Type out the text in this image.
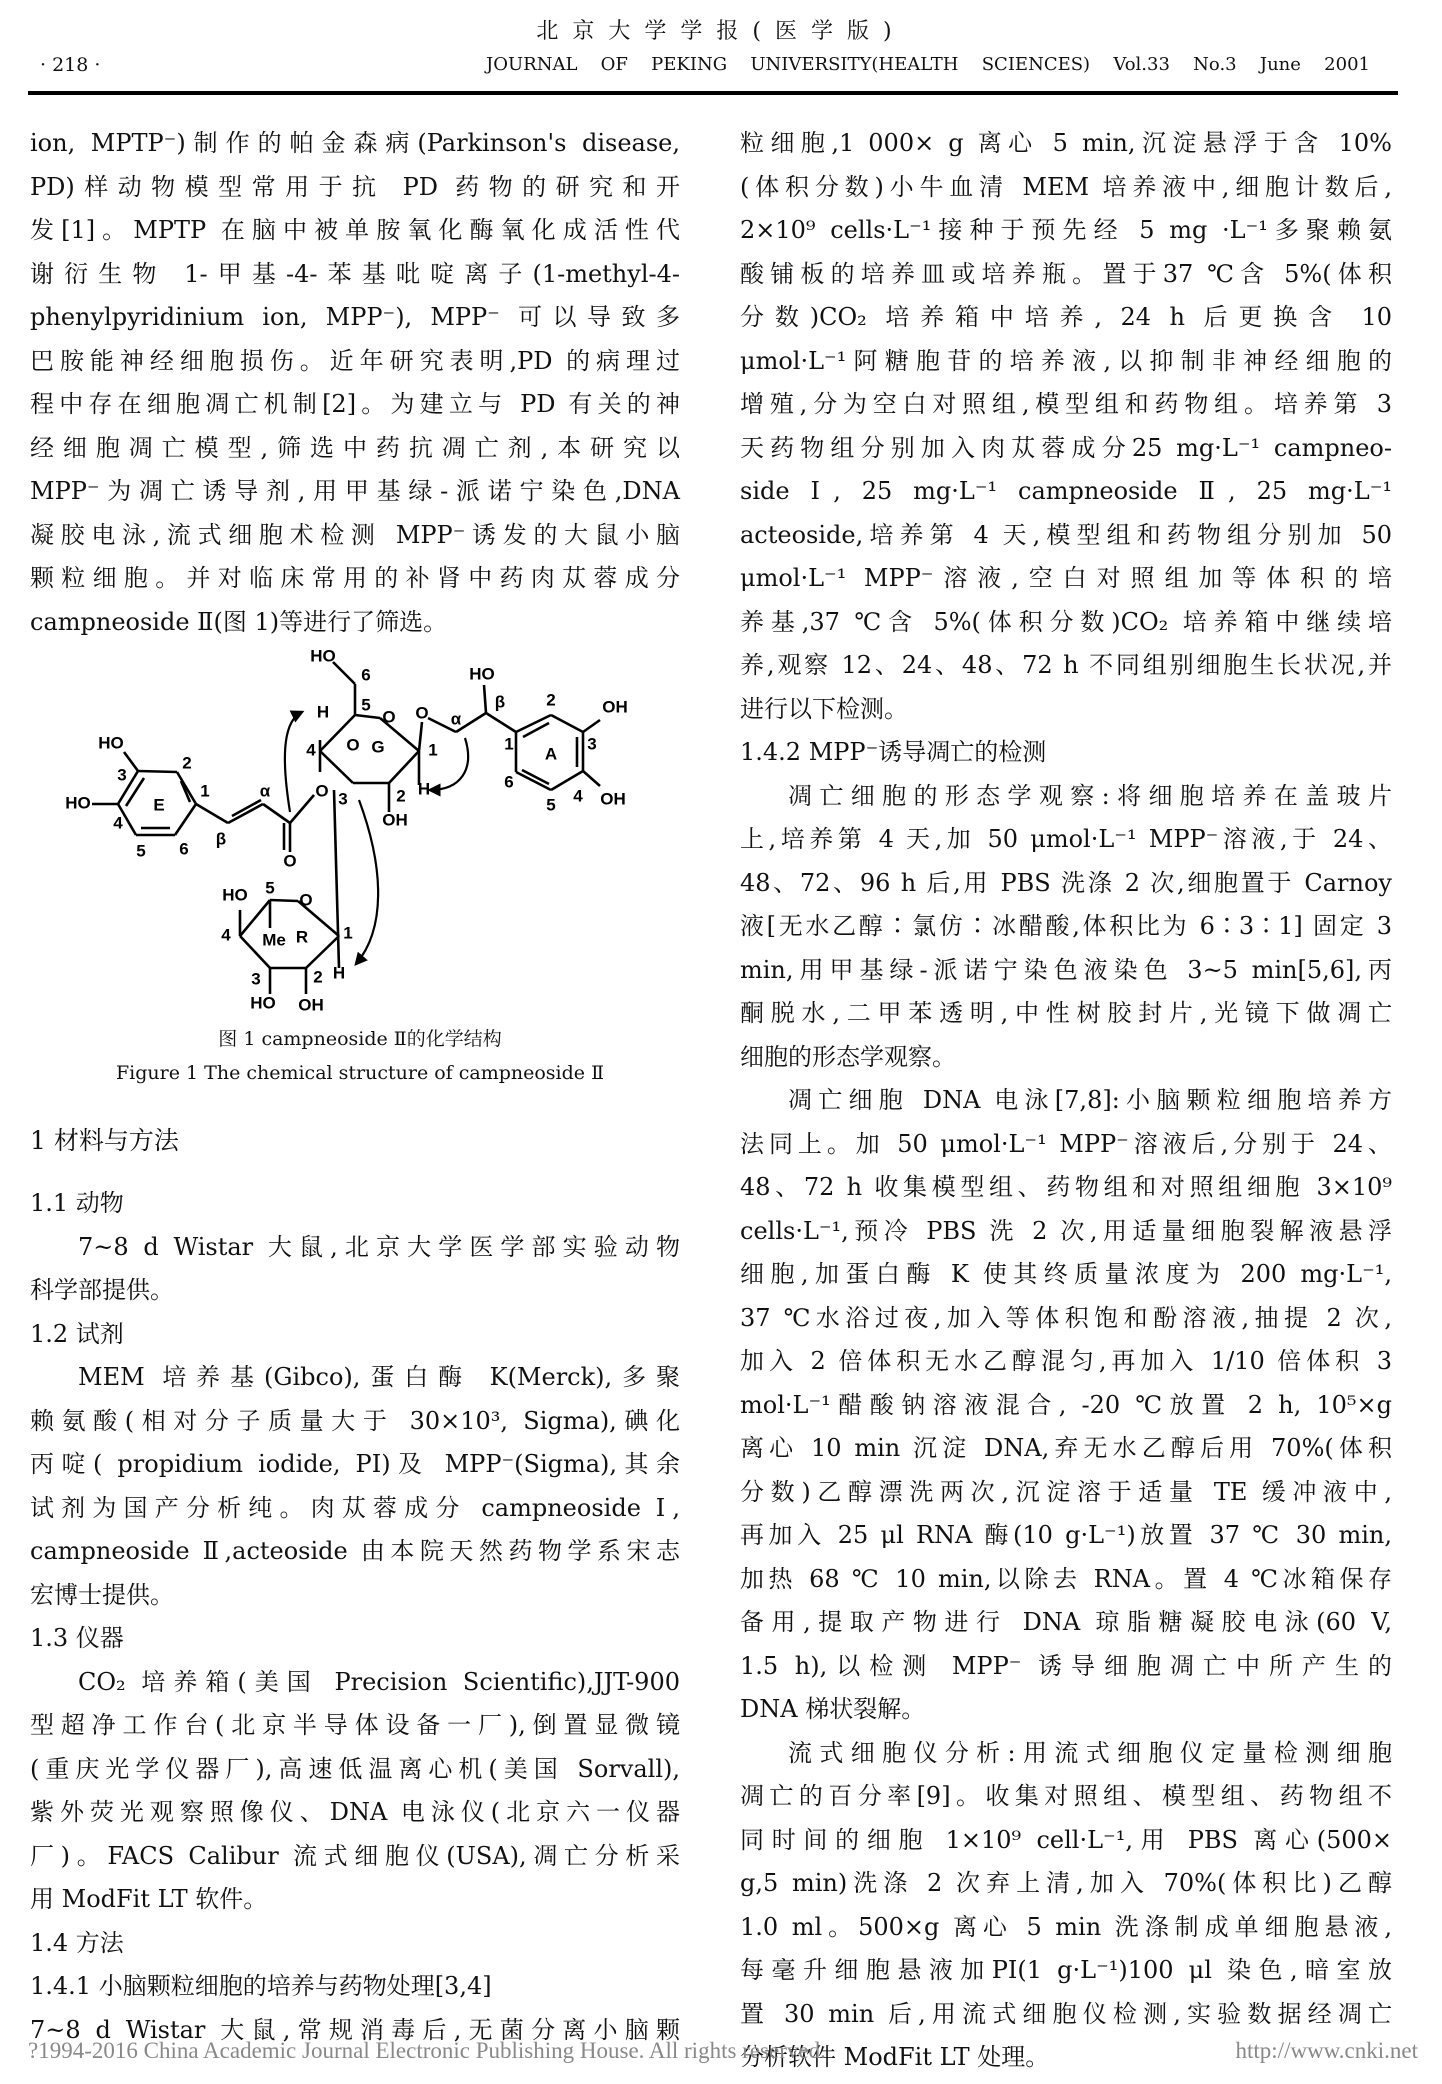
北京大学学报(医学版)
· 218 ·	JOURNAL OF PEKING UNIVERSITY(HEALTH SCIENCES) Vol.33 No.3 June 2001
ion, MPTP⁻)制作的帕金森病(Parkinson's disease,
PD)样动物模型常用于抗 PD 药物的研究和开
发[1]。MPTP 在脑中被单胺氧化酶氧化成活性代
谢衍生物 1-甲基-4-苯基吡啶离子(1-methyl-4-
phenylpyridinium ion, MPP⁻), MPP⁻ 可以导致多
巴胺能神经细胞损伤。近年研究表明,PD 的病理过
程中存在细胞凋亡机制[2]。为建立与 PD 有关的神
经细胞凋亡模型,筛选中药抗凋亡剂,本研究以
MPP⁻为凋亡诱导剂,用甲基绿-派诺宁染色,DNA
凝胶电泳,流式细胞术检测 MPP⁻诱发的大鼠小脑
颗粒细胞。并对临床常用的补肾中药肉苁蓉成分
campneoside Ⅱ(图 1)等进行了筛选。
HO
3
HO
4
2
1
5 6
E
α
β
O
O
4 O G
5
3	2
1
H
H
OH
6
HO
O O α
β
HO
A
2
1	3
4
5
6
OH
OH
HO 5
O
4 Me R 1
3	2 H
HO OH
图 1 campneoside Ⅱ的化学结构
Figure 1 The chemical structure of campneoside Ⅱ
1 材料与方法
1.1 动物
7~8 d Wistar 大鼠,北京大学医学部实验动物
科学部提供。
1.2 试剂
MEM 培养基(Gibco),蛋白酶 K(Merck),多聚
赖氨酸(相对分子质量大于 30×10³, Sigma),碘化
丙啶( propidium iodide, PI)及 MPP⁻(Sigma),其余
试剂为国产分析纯。肉苁蓉成分 campneoside Ⅰ,
campneoside Ⅱ,acteoside 由本院天然药物学系宋志
宏博士提供。
1.3 仪器
CO₂ 培养箱(美国 Precision Scientific),JJT-900
型超净工作台(北京半导体设备一厂),倒置显微镜
(重庆光学仪器厂),高速低温离心机(美国 Sorvall),
紫外荧光观察照像仪、DNA 电泳仪(北京六一仪器
厂)。FACS Calibur 流式细胞仪(USA),凋亡分析采
用 ModFit LT 软件。
1.4 方法
1.4.1 小脑颗粒细胞的培养与药物处理[3,4]
7~8 d Wistar 大鼠,常规消毒后,无菌分离小脑颗
粒细胞,1 000× g 离心 5 min,沉淀悬浮于含 10%
(体积分数)小牛血清 MEM 培养液中,细胞计数后,
2×10⁹ cells·L⁻¹接种于预先经 5 mg ·L⁻¹多聚赖氨
酸铺板的培养皿或培养瓶。置于37 ℃含 5%(体积
分数)CO₂ 培养箱中培养, 24 h 后更换含 10
μmol·L⁻¹阿糖胞苷的培养液,以抑制非神经细胞的
增殖,分为空白对照组,模型组和药物组。培养第 3
天药物组分别加入肉苁蓉成分25 mg·L⁻¹ campneo-
side Ⅰ, 25 mg·L⁻¹ campneoside Ⅱ, 25 mg·L⁻¹
acteoside,培养第 4 天,模型组和药物组分别加 50
μmol·L⁻¹ MPP⁻溶液,空白对照组加等体积的培
养基,37 ℃含 5%(体积分数)CO₂ 培养箱中继续培
养,观察 12、24、48、72 h 不同组别细胞生长状况,并
进行以下检测。
1.4.2 MPP⁻诱导凋亡的检测
凋亡细胞的形态学观察:将细胞培养在盖玻片
上,培养第 4 天,加 50 μmol·L⁻¹ MPP⁻溶液,于 24、
48、72、96 h 后,用 PBS 洗涤 2 次,细胞置于 Carnoy
液[无水乙醇∶氯仿∶冰醋酸,体积比为 6∶3∶1] 固定 3
min,用甲基绿-派诺宁染色液染色 3~5 min[5,6],丙
酮脱水,二甲苯透明,中性树胶封片,光镜下做凋亡
细胞的形态学观察。
凋亡细胞 DNA 电泳[7,8]:小脑颗粒细胞培养方
法同上。加 50 μmol·L⁻¹ MPP⁻溶液后,分别于 24、
48、72 h 收集模型组、药物组和对照组细胞 3×10⁹
cells·L⁻¹,预冷 PBS 洗 2 次,用适量细胞裂解液悬浮
细胞,加蛋白酶 K 使其终质量浓度为 200 mg·L⁻¹,
37 ℃水浴过夜,加入等体积饱和酚溶液,抽提 2 次,
加入 2 倍体积无水乙醇混匀,再加入 1/10 倍体积 3
mol·L⁻¹醋酸钠溶液混合, -20 ℃放置 2 h, 10⁵×g
离心 10 min 沉淀 DNA,弃无水乙醇后用 70%(体积
分数)乙醇漂洗两次,沉淀溶于适量 TE 缓冲液中,
再加入 25 μl RNA 酶(10 g·L⁻¹)放置 37 ℃ 30 min,
加热 68 ℃ 10 min,以除去 RNA。置 4 ℃冰箱保存
备用,提取产物进行 DNA 琼脂糖凝胶电泳(60 V,
1.5 h),以检测 MPP⁻ 诱导细胞凋亡中所产生的
DNA 梯状裂解。
流式细胞仪分析:用流式细胞仪定量检测细胞
凋亡的百分率[9]。收集对照组、模型组、药物组不
同时间的细胞 1×10⁹ cell·L⁻¹,用 PBS 离心(500×
g,5 min)洗涤 2 次弃上清,加入 70%(体积比)乙醇
1.0 ml。500×g 离心 5 min 洗涤制成单细胞悬液,
每毫升细胞悬液加PI(1 g·L⁻¹)100 μl 染色,暗室放
置 30 min 后,用流式细胞仪检测,实验数据经凋亡
分析软件 ModFit LT 处理。
?1994-2016 China Academic Journal Electronic Publishing House. All rights reserved.	http://www.cnki.net
